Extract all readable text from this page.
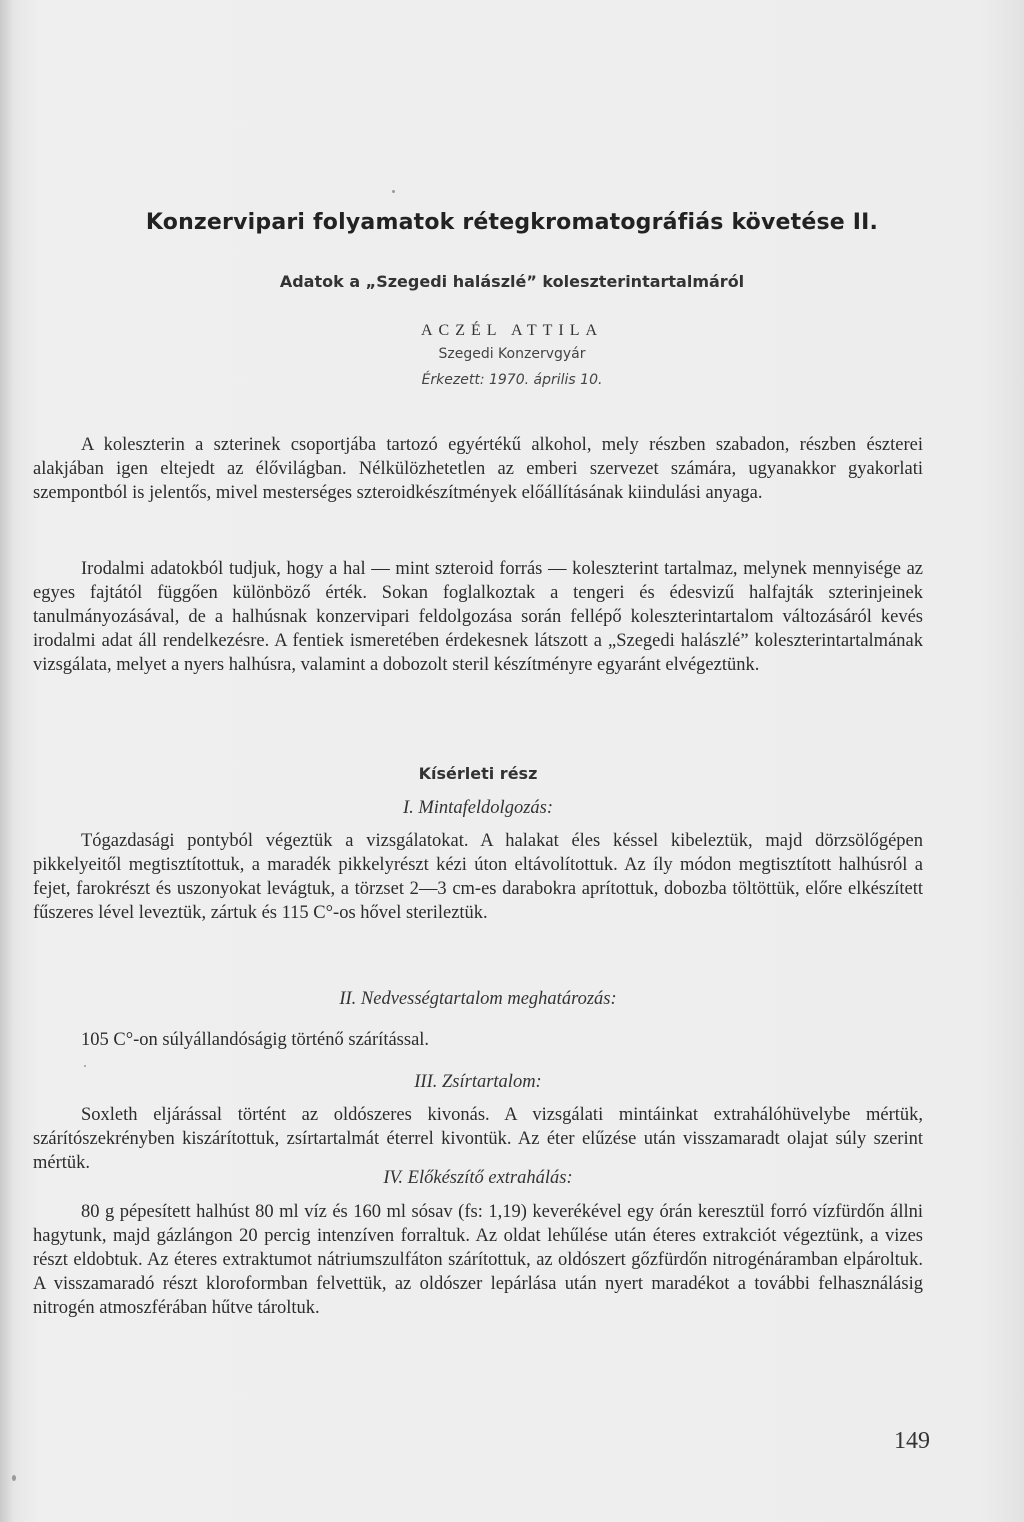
Konzervipari folyamatok rétegkromatográfiás követése II.
Adatok a „Szegedi halászlé” koleszterintartalmáról
ACZÉL ATTILA
Szegedi Konzervgyár
Érkezett: 1970. április 10.

A koleszterin a szterinek csoportjába tartozó egyértékű alkohol, mely részben szabadon, részben észterei alakjában igen eltejedt az élővilágban. Nélkülözhetetlen az emberi szervezet számára, ugyanakkor gyakorlati szempontból is jelentős, mivel mesterséges szteroidkészítmények előállításának kiindulási anyaga.

Irodalmi adatokból tudjuk, hogy a hal — mint szteroid forrás — koleszterint tartalmaz, melynek mennyisége az egyes fajtától függően különböző érték. Sokan foglalkoztak a tengeri és édesvizű halfajták szterinjeinek tanulmányozásával, de a halhúsnak konzervipari feldolgozása során fellépő koleszterintartalom változásáról kevés irodalmi adat áll rendelkezésre. A fentiek ismeretében érdekesnek látszott a „Szegedi halászlé” koleszterintartalmának vizsgálata, melyet a nyers halhúsra, valamint a dobozolt steril készítményre egyaránt elvégeztünk.

Kísérleti rész
I. Mintafeldolgozás:

Tógazdasági pontyból végeztük a vizsgálatokat. A halakat éles késsel kibeleztük, majd dörzsölőgépen pikkelyeitől megtisztítottuk, a maradék pikkelyrészt kézi úton eltávolítottuk. Az íly módon megtisztított halhúsról a fejet, farokrészt és uszonyokat levágtuk, a törzset 2—3 cm-es darabokra aprítottuk, dobozba töltöttük, előre elkészített fűszeres lével leveztük, zártuk és 115 C°-os hővel sterileztük.

II. Nedvességtartalom meghatározás:

105 C°-on súlyállandóságig történő szárítással.

III. Zsírtartalom:

Soxleth eljárással történt az oldószeres kivonás. A vizsgálati mintáinkat extrahálóhüvelybe mértük, szárítószekrényben kiszárítottuk, zsírtartalmát éterrel kivontük. Az éter elűzése után visszamaradt olajat súly szerint mértük.

IV. Előkészítő extrahálás:

80 g pépesített halhúst 80 ml víz és 160 ml sósav (fs: 1,19) keverékével egy órán keresztül forró vízfürdőn állni hagytunk, majd gázlángon 20 percig intenzíven forraltuk. Az oldat lehűlése után éteres extrakciót végeztünk, a vizes részt eldobtuk. Az éteres extraktumot nátriumszulfáton szárítottuk, az oldószert gőzfürdőn nitrogénáramban elpároltuk. A visszamaradó részt kloroformban felvettük, az oldószer lepárlása után nyert maradékot a további felhasználásig nitrogén atmoszférában hűtve tároltuk.

149
